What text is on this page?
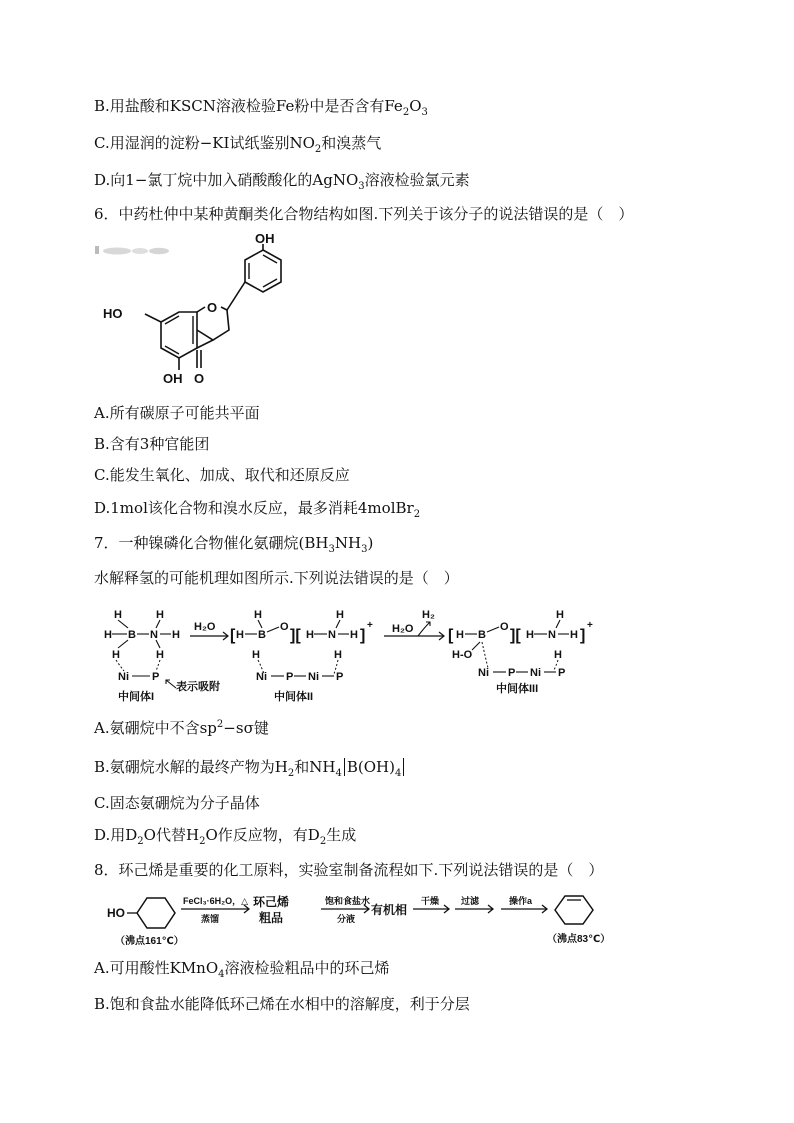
B.用盐酸和KSCN溶液检验Fe粉中是否含有$Fe_2O_3$
C.用湿润的淀粉−KI试纸鉴别$NO_2$和溴蒸气
D.向1−氯丁烷中加入硝酸酸化的AgNO$_3$溶液检验氯元素
6．中药杜仲中某种黄酮类化合物结构如图.下列关于该分子的说法错误的是（　）
OH
O
O
HO
OH
A.所有碳原子可能共平面
B.含有3种官能团
C.能发生氧化、加成、取代和还原反应
D.1mol该化合物和溴水反应，最多消耗4molBr$_2$
7．一种镍磷化合物催化氨硼烷$(BH_3NH_3)$
水解释氢的可能机理如图所示.下列说法错误的是（　）
H
H
H
B N
H
H
H
Ni P
表示吸附
中间体I
H₂O [ H
H
H
B
O ][ H N
H
H
H ]
+
Ni P Ni P
中间体II
H₂
H₂O [ H B
O
H-O
][ H N
H
H
H ]
+
Ni P Ni P
中间体III
A.氨硼烷中不含$sp^2-s\sigma$键
B.氨硼烷水解的最终产物为$H_2$和$NH_4$ $B(OH)_4$
C.固态氨硼烷为分子晶体
D.用$D_2O$代替$H_2O$作反应物，有$D_2$生成
8．环己烯是重要的化工原料，实验室制备流程如下.下列说法错误的是（　）
HO
（沸点161℃）
FeCl₃·6H₂O，△
蒸馏
环己烯
粗品
饱和食盐水
分液
有机相
干燥 过滤	操作a
（沸点83℃）
A.可用酸性KMnO$_4$溶液检验粗品中的环己烯
B.饱和食盐水能降低环己烯在水相中的溶解度，利于分层
